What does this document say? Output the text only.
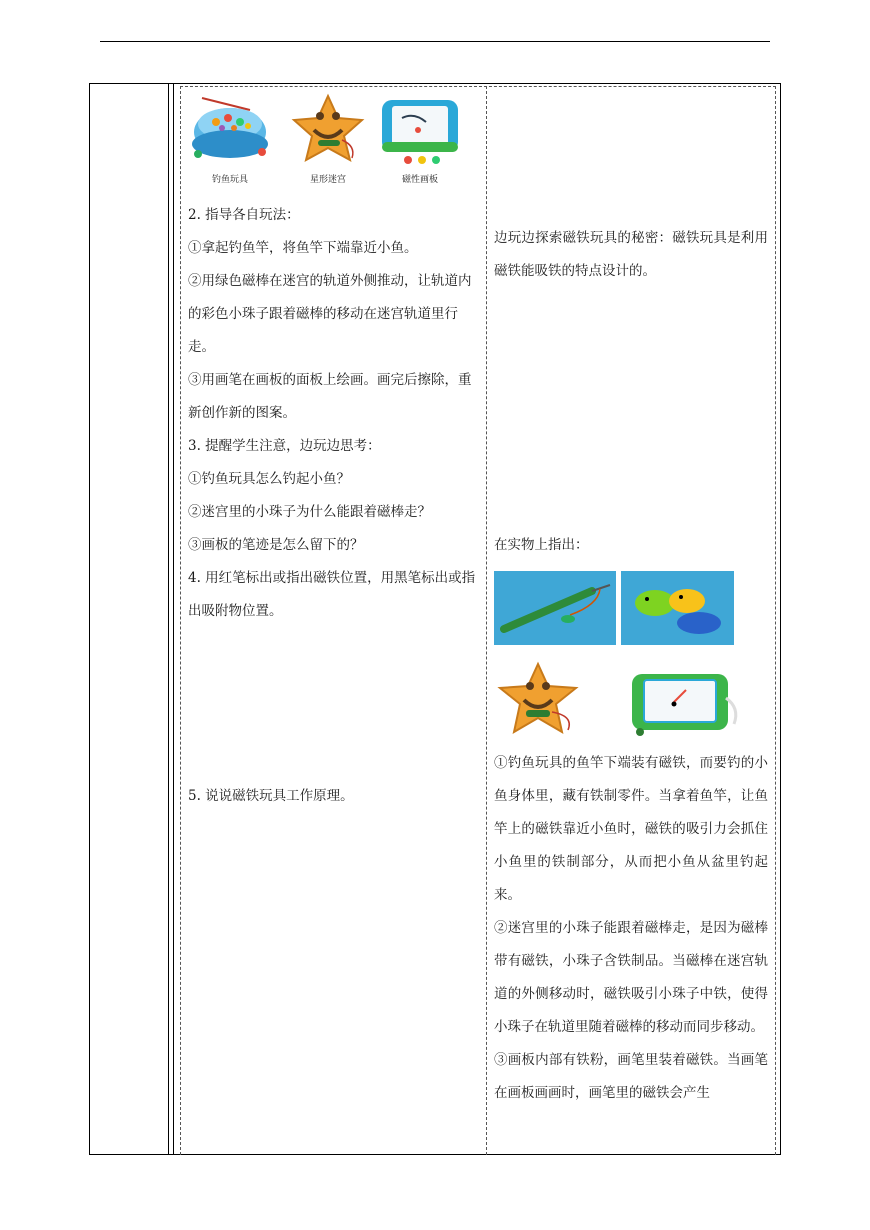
钓鱼玩具	星形迷宫	磁性画板

2. 指导各自玩法：

①拿起钓鱼竿，将鱼竿下端靠近小鱼。

②用绿色磁棒在迷宫的轨道外侧推动，让轨道内的彩色小珠子跟着磁棒的移动在迷宫轨道里行走。

③用画笔在画板的面板上绘画。画完后擦除，重新创作新的图案。

3. 提醒学生注意，边玩边思考：

①钓鱼玩具怎么钓起小鱼？

②迷宫里的小珠子为什么能跟着磁棒走？

③画板的笔迹是怎么留下的？

4. 用红笔标出或指出磁铁位置，用黑笔标出或指出吸附物位置。

5. 说说磁铁玩具工作原理。

边玩边探索磁铁玩具的秘密：磁铁玩具是利用磁铁能吸铁的特点设计的。

在实物上指出：

①钓鱼玩具的鱼竿下端装有磁铁，而要钓的小鱼身体里，藏有铁制零件。当拿着鱼竿，让鱼竿上的磁铁靠近小鱼时，磁铁的吸引力会抓住小鱼里的铁制部分，从而把小鱼从盆里钓起来。

②迷宫里的小珠子能跟着磁棒走，是因为磁棒带有磁铁，小珠子含铁制品。当磁棒在迷宫轨道的外侧移动时，磁铁吸引小珠子中铁，使得小珠子在轨道里随着磁棒的移动而同步移动。

③画板内部有铁粉，画笔里装着磁铁。当画笔在画板画画时，画笔里的磁铁会产生
